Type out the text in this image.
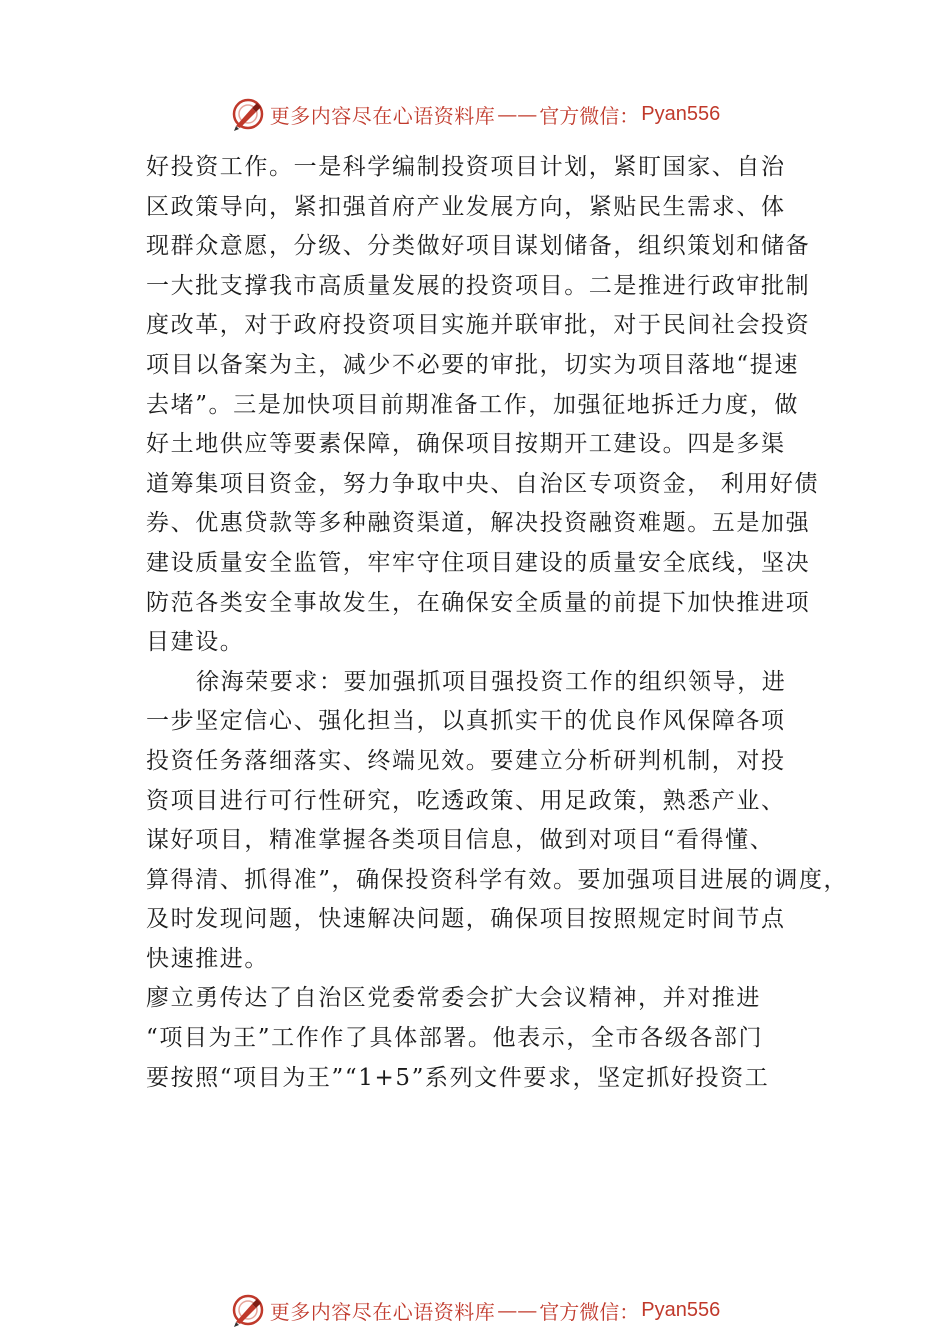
更多内容尽在心语资料库 —— 官方微信： Pyan556
好投资工作。一是科学编制投资项目计划，紧盯国家、自治
区政策导向，紧扣强首府产业发展方向，紧贴民生需求、体
现群众意愿，分级、分类做好项目谋划储备，组织策划和储备
一大批支撑我市高质量发展的投资项目。二是推进行政审批制
度改革，对于政府投资项目实施并联审批，对于民间社会投资
项目以备案为主，减少不必要的审批，切实为项目落地“提速
去堵”。三是加快项目前期准备工作，加强征地拆迁力度，做
好土地供应等要素保障，确保项目按期开工建设。四是多渠
道筹集项目资金，努力争取中央、自治区专项资金， 利用好债
券、优惠贷款等多种融资渠道，解决投资融资难题。五是加强
建设质量安全监管，牢牢守住项目建设的质量安全底线，坚决
防范各类安全事故发生，在确保安全质量的前提下加快推进项
目建设。
徐海荣要求：要加强抓项目强投资工作的组织领导，进
一步坚定信心、强化担当，以真抓实干的优良作风保障各项
投资任务落细落实、终端见效。要建立分析研判机制，对投
资项目进行可行性研究，吃透政策、用足政策，熟悉产业、
谋好项目，精准掌握各类项目信息，做到对项目“看得懂、
算得清、抓得准”，确保投资科学有效。要加强项目进展的调度，
及时发现问题，快速解决问题，确保项目按照规定时间节点
快速推进。
廖立勇传达了自治区党委常委会扩大会议精神，并对推进
“项目为王”工作作了具体部署。他表示，全市各级各部门
要按照“项目为王”“1+5”系列文件要求，坚定抓好投资工
更多内容尽在心语资料库 —— 官方微信： Pyan556
